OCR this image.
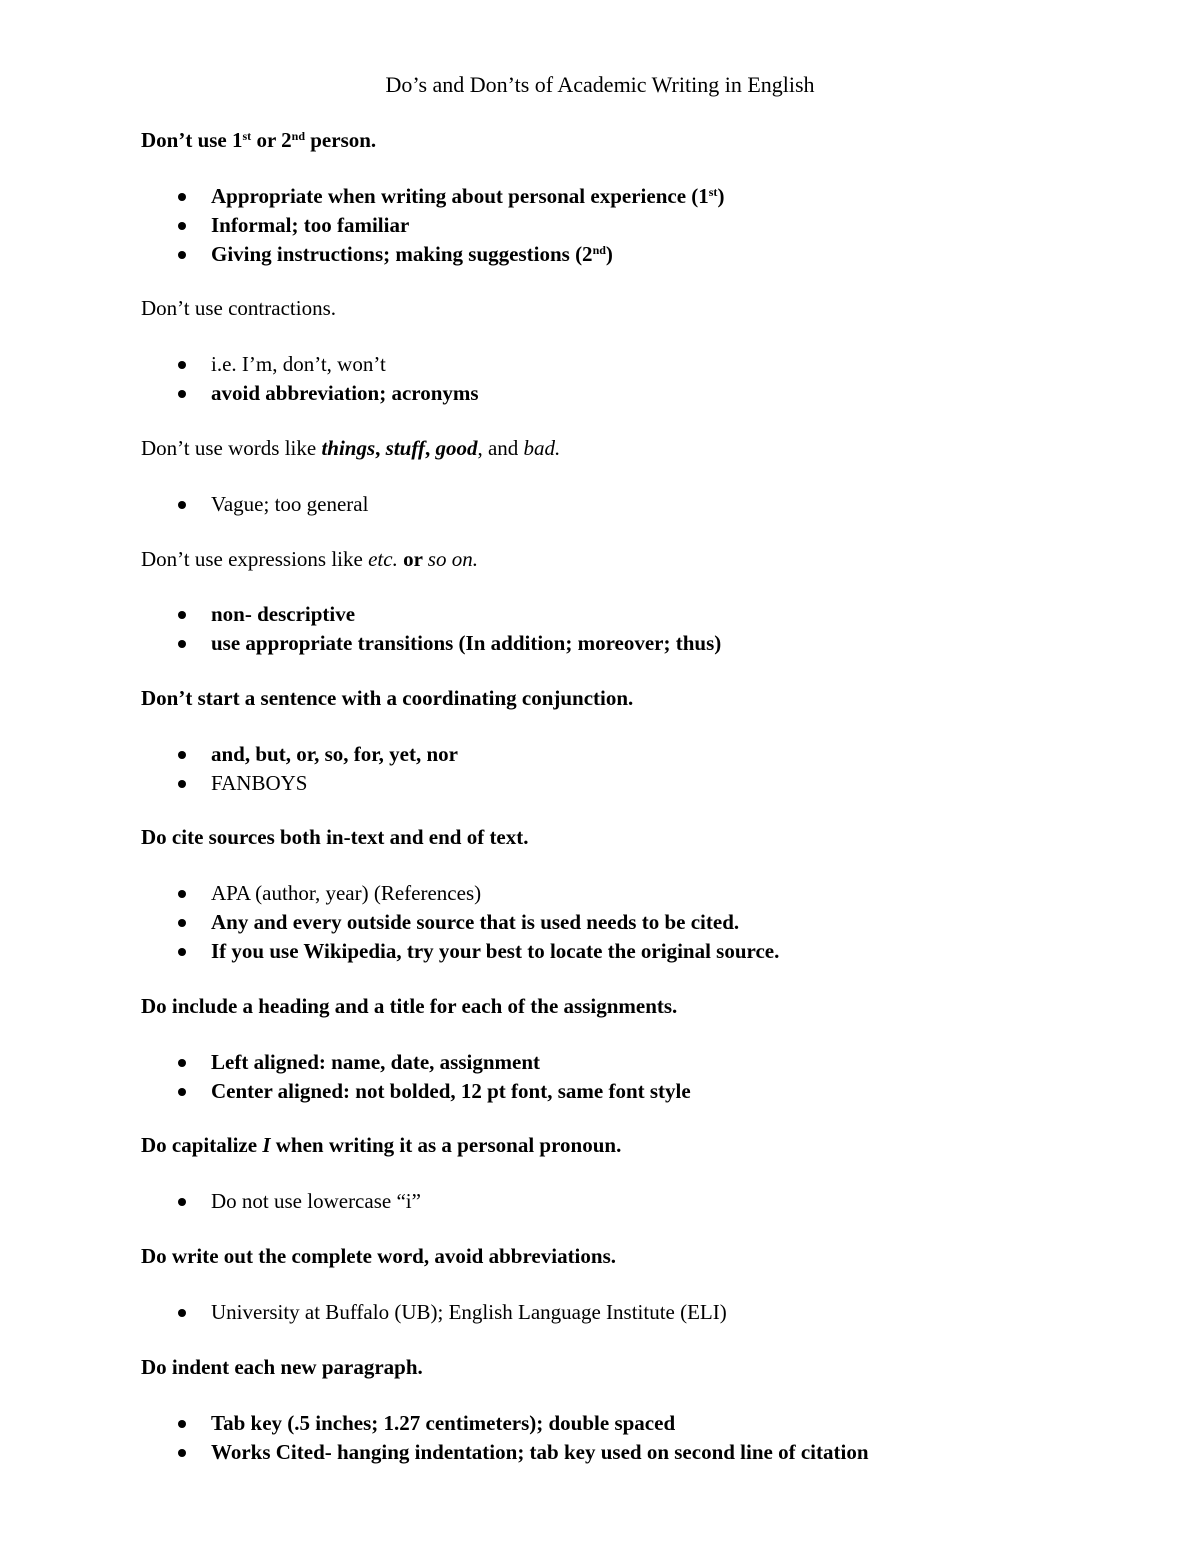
Do’s and Don’ts of Academic Writing in English
Don’t use 1st or 2nd person.
Appropriate when writing about personal experience (1st)
Informal; too familiar
Giving instructions; making suggestions (2nd)
Don’t use contractions.
i.e. I’m, don’t, won’t
avoid abbreviation; acronyms
Don’t use words like things, stuff, good, and bad.
Vague; too general
Don’t use expressions like etc. or so on.
non- descriptive
use appropriate transitions (In addition; moreover; thus)
Don’t start a sentence with a coordinating conjunction.
and, but, or, so, for, yet, nor
FANBOYS
Do cite sources both in-text and end of text.
APA (author, year) (References)
Any and every outside source that is used needs to be cited.
If you use Wikipedia, try your best to locate the original source.
Do include a heading and a title for each of the assignments.
Left aligned: name, date, assignment
Center aligned: not bolded, 12 pt font, same font style
Do capitalize I when writing it as a personal pronoun.
Do not use lowercase “i”
Do write out the complete word, avoid abbreviations.
University at Buffalo (UB); English Language Institute (ELI)
Do indent each new paragraph.
Tab key (.5 inches; 1.27 centimeters); double spaced
Works Cited- hanging indentation; tab key used on second line of citation
